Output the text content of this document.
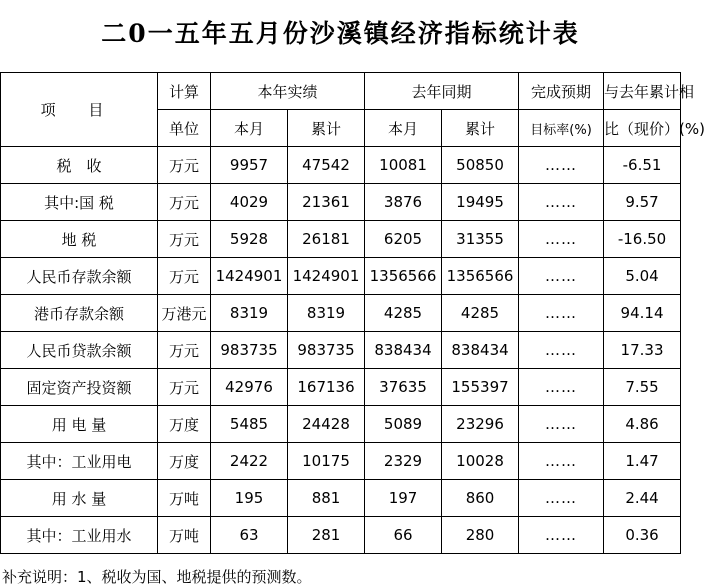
二0一五年五月份沙溪镇经济指标统计表
项 目	计算	本年实绩		去年同期		完成预期	与去年累计相
	单位	本月	累计	本月	累计	目标率(%)	比（现价）(%)
税　收	万元	9957	47542	10081	50850	……	-6.51
其中:国 税	万元	4029	21361	3876	19495	……	9.57
地 税	万元	5928	26181	6205	31355	……	-16.50
人民币存款余额	万元	1424901	1424901	1356566	1356566	……	5.04
港币存款余额	万港元	8319	8319	4285	4285	……	94.14
人民币贷款余额	万元	983735	983735	838434	838434	……	17.33
固定资产投资额	万元	42976	167136	37635	155397	……	7.55
用 电 量	万度	5485	24428	5089	23296	……	4.86
其中：工业用电	万度	2422	10175	2329	10028	……	1.47
用 水 量	万吨	195	881	197	860	……	2.44
其中：工业用水	万吨	63	281	66	280	……	0.36
补充说明：1、税收为国、地税提供的预测数。
